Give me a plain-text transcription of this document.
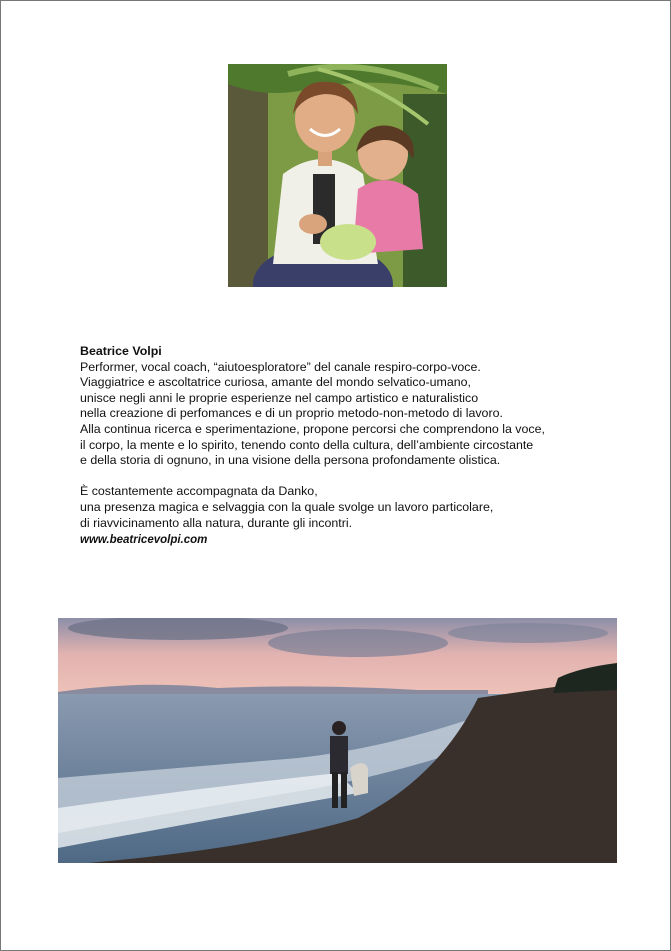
Beatrice Volpi
Performer, vocal coach, “aiutoesploratore” del canale respiro-corpo-voce.
Viaggiatrice e ascoltatrice curiosa, amante del mondo selvatico-umano,
unisce negli anni le proprie esperienze nel campo artistico e naturalistico
nella creazione di perfomances e di un proprio metodo-non-metodo di lavoro.
Alla continua ricerca e sperimentazione, propone percorsi che comprendono la voce,
il corpo, la mente e lo spirito, tenendo conto della cultura, dell’ambiente circostante
e della storia di ognuno, in una visione della persona profondamente olistica.
È costantemente accompagnata da Danko,
una presenza magica e selvaggia con la quale svolge un lavoro particolare,
di riavvicinamento alla natura, durante gli incontri.
www.beatricevolpi.com
